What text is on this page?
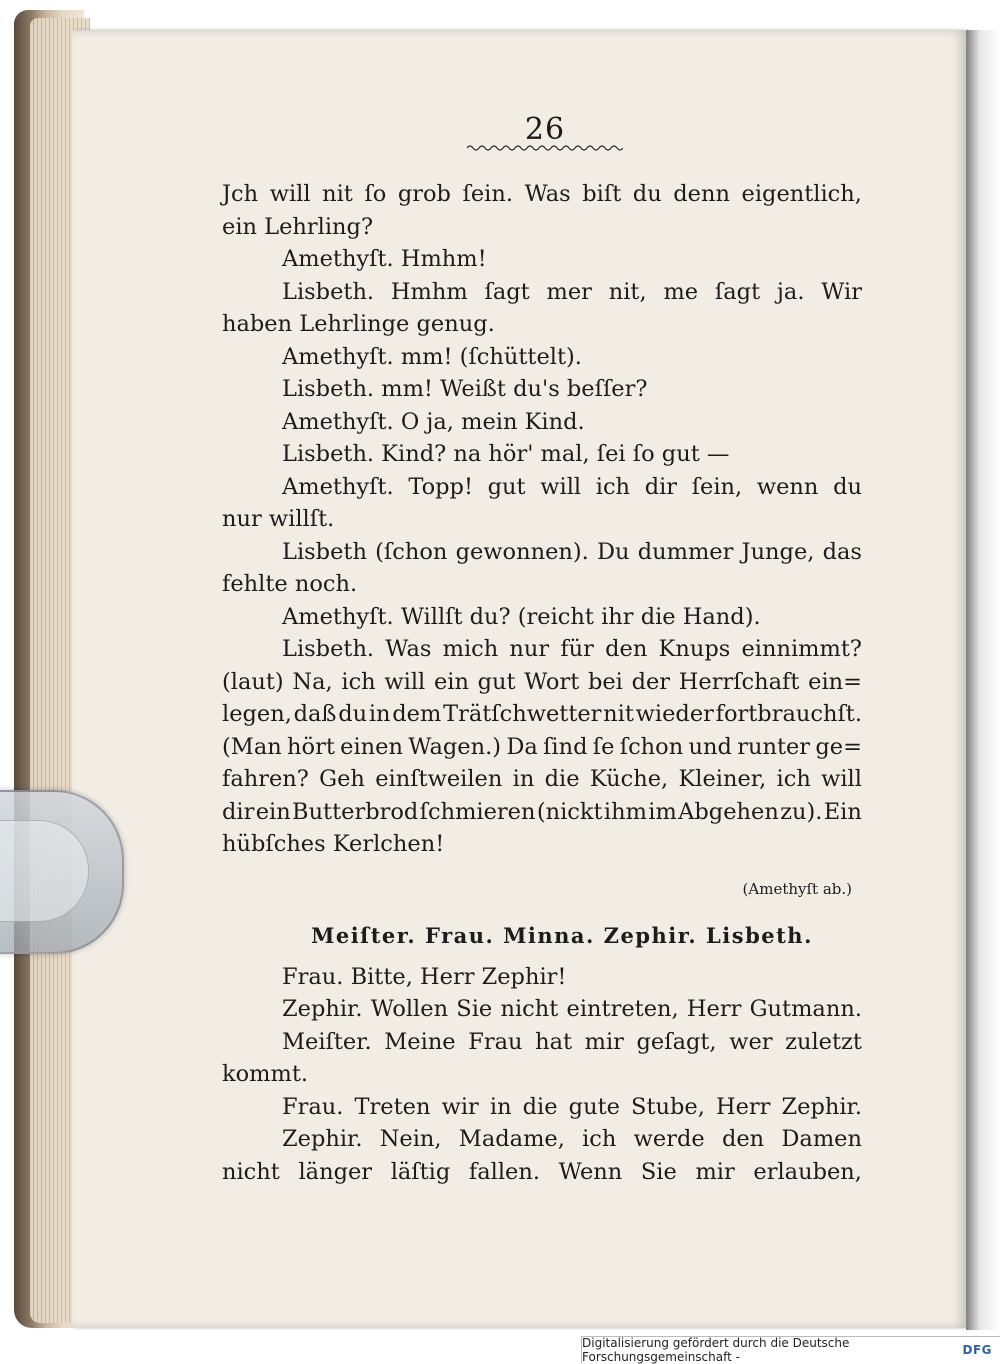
26
Jch will nit ſo grob ſein. Was biſt du denn eigentlich,
ein Lehrling?
Amethyſt. Hmhm!
Lisbeth. Hmhm ſagt mer nit, me ſagt ja. Wir
haben Lehrlinge genug.
Amethyſt. mm! (ſchüttelt).
Lisbeth. mm! Weißt du's beſſer?
Amethyſt. O ja, mein Kind.
Lisbeth. Kind? na hör' mal, ſei ſo gut —
Amethyſt. Topp! gut will ich dir ſein, wenn du
nur willſt.
Lisbeth (ſchon gewonnen). Du dummer Junge, das
fehlte noch.
Amethyſt. Willſt du? (reicht ihr die Hand).
Lisbeth. Was mich nur für den Knups einnimmt?
(laut) Na, ich will ein gut Wort bei der Herrſchaft ein=
legen, daß du in dem Trätſchwetter nit wieder fortbrauchſt.
(Man hört einen Wagen.) Da ſind ſe ſchon und runter ge=
fahren? Geh einſtweilen in die Küche, Kleiner, ich will
dir ein Butterbrod ſchmieren (nickt ihm im Abgehen zu). Ein
hübſches Kerlchen!
(Amethyſt ab.)
Meiſter. Frau. Minna. Zephir. Lisbeth.
Frau. Bitte, Herr Zephir!
Zephir. Wollen Sie nicht eintreten, Herr Gutmann.
Meiſter. Meine Frau hat mir geſagt, wer zuletzt
kommt.
Frau. Treten wir in die gute Stube, Herr Zephir.
Zephir. Nein, Madame, ich werde den Damen
nicht länger läſtig fallen. Wenn Sie mir erlauben,
Digitalisierung gefördert durch die Deutsche Forschungsgemeinschaft -	DFG
